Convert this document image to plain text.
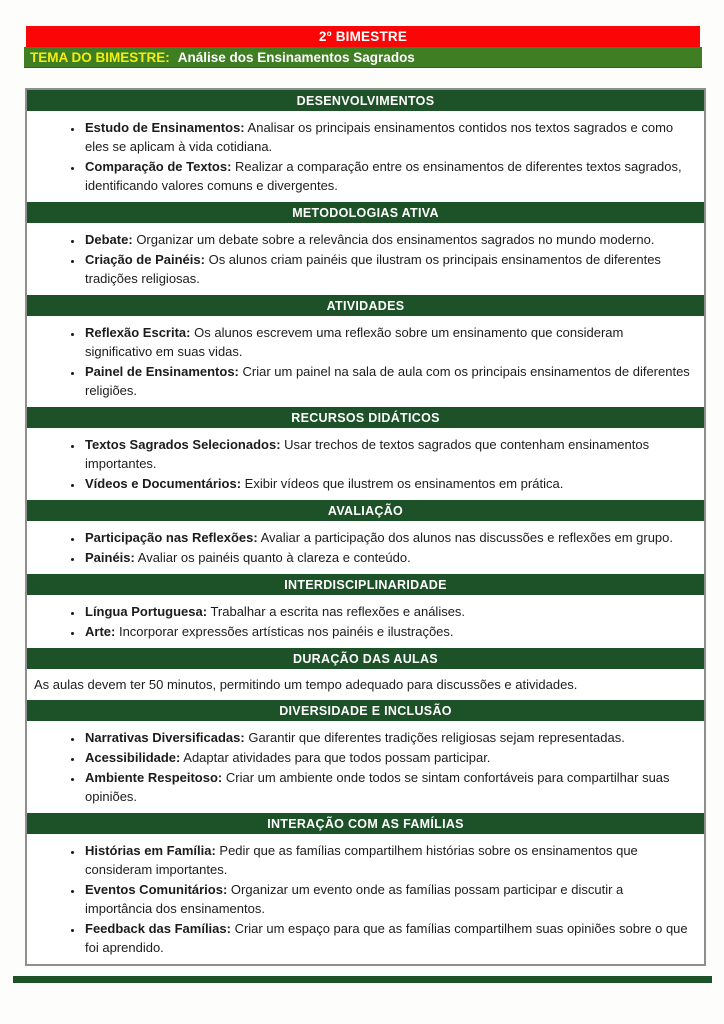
2º BIMESTRE
TEMA DO BIMESTRE: Análise dos Ensinamentos Sagrados
DESENVOLVIMENTOS
• Estudo de Ensinamentos: Analisar os principais ensinamentos contidos nos textos sagrados e como eles se aplicam à vida cotidiana.
• Comparação de Textos: Realizar a comparação entre os ensinamentos de diferentes textos sagrados, identificando valores comuns e divergentes.
METODOLOGIAS ATIVA
• Debate: Organizar um debate sobre a relevância dos ensinamentos sagrados no mundo moderno.
• Criação de Painéis: Os alunos criam painéis que ilustram os principais ensinamentos de diferentes tradições religiosas.
ATIVIDADES
• Reflexão Escrita: Os alunos escrevem uma reflexão sobre um ensinamento que consideram significativo em suas vidas.
• Painel de Ensinamentos: Criar um painel na sala de aula com os principais ensinamentos de diferentes religiões.
RECURSOS DIDÁTICOS
• Textos Sagrados Selecionados: Usar trechos de textos sagrados que contenham ensinamentos importantes.
• Vídeos e Documentários: Exibir vídeos que ilustrem os ensinamentos em prática.
AVALIAÇÃO
• Participação nas Reflexões: Avaliar a participação dos alunos nas discussões e reflexões em grupo.
• Painéis: Avaliar os painéis quanto à clareza e conteúdo.
INTERDISCIPLINARIDADE
• Língua Portuguesa: Trabalhar a escrita nas reflexões e análises.
• Arte: Incorporar expressões artísticas nos painéis e ilustrações.
DURAÇÃO DAS AULAS

As aulas devem ter 50 minutos, permitindo um tempo adequado para discussões e atividades.

DIVERSIDADE E INCLUSÃO
• Narrativas Diversificadas: Garantir que diferentes tradições religiosas sejam representadas.
• Acessibilidade: Adaptar atividades para que todos possam participar.
• Ambiente Respeitoso: Criar um ambiente onde todos se sintam confortáveis para compartilhar suas opiniões.
INTERAÇÃO COM AS FAMÍLIAS
• Histórias em Família: Pedir que as famílias compartilhem histórias sobre os ensinamentos que consideram importantes.
• Eventos Comunitários: Organizar um evento onde as famílias possam participar e discutir a importância dos ensinamentos.
• Feedback das Famílias: Criar um espaço para que as famílias compartilhem suas opiniões sobre o que foi aprendido.
